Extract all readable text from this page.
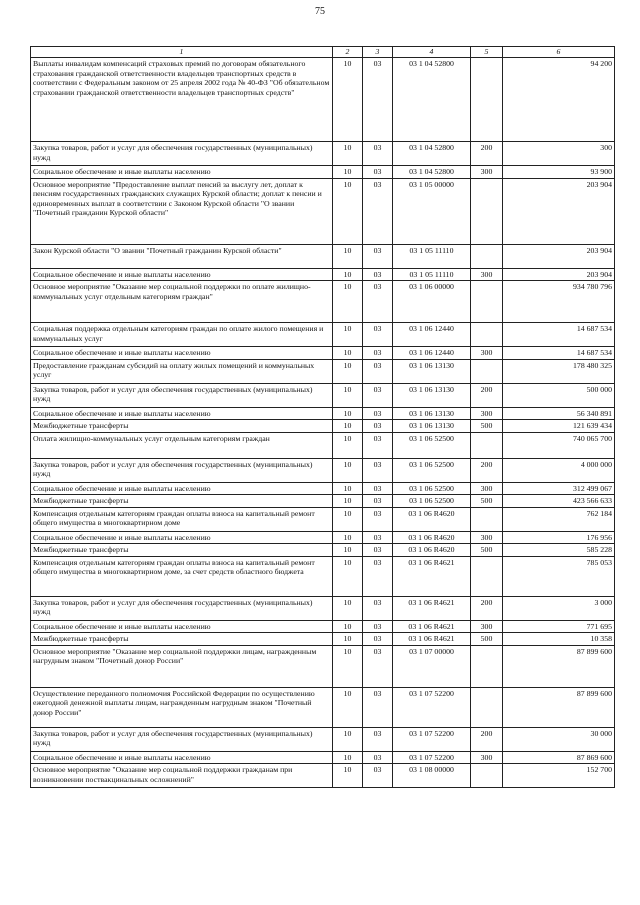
75
1	2	3	4	5	6
Выплаты инвалидам компенсаций страховых премий по договорам обязательного страхования гражданской ответственности владельцев транспортных средств в соответствии с Федеральным законом от 25 апреля 2002 года № 40-ФЗ "Об обязательном страховании гражданской ответственности владельцев транспортных средств"	10	03	03 1 04 52800		94 200
Закупка товаров, работ и услуг для обеспечения государственных (муниципальных) нужд	10	03	03 1 04 52800	200	300
Социальное обеспечение и иные выплаты населению	10	03	03 1 04 52800	300	93 900
Основное мероприятие "Предоставление выплат пенсий за выслугу лет, доплат к пенсиям государственных гражданских служащих Курской области; доплат к пенсии и единовременных выплат в соответствии с Законом Курской области "О звании "Почетный гражданин Курской области"	10	03	03 1 05 00000		203 904
Закон Курской области "О звании "Почетный гражданин Курской области"	10	03	03 1 05 11110		203 904
Социальное обеспечение и иные выплаты населению	10	03	03 1 05 11110	300	203 904
Основное мероприятие "Оказание мер социальной поддержки по оплате жилищно-коммунальных услуг отдельным категориям граждан"	10	03	03 1 06 00000		934 780 796
Социальная поддержка отдельным категориям граждан по оплате жилого помещения и коммунальных услуг	10	03	03 1 06 12440		14 687 534
Социальное обеспечение и иные выплаты населению	10	03	03 1 06 12440	300	14 687 534
Предоставление гражданам субсидий на оплату жилых помещений и коммунальных услуг	10	03	03 1 06 13130		178 480 325
Закупка товаров, работ и услуг для обеспечения государственных (муниципальных) нужд	10	03	03 1 06 13130	200	500 000
Социальное обеспечение и иные выплаты населению	10	03	03 1 06 13130	300	56 340 891
Межбюджетные трансферты	10	03	03 1 06 13130	500	121 639 434
Оплата жилищно-коммунальных услуг отдельным категориям граждан	10	03	03 1 06 52500		740 065 700
Закупка товаров, работ и услуг для обеспечения государственных (муниципальных) нужд	10	03	03 1 06 52500	200	4 000 000
Социальное обеспечение и иные выплаты населению	10	03	03 1 06 52500	300	312 499 067
Межбюджетные трансферты	10	03	03 1 06 52500	500	423 566 633
Компенсация отдельным категориям граждан оплаты взноса на капитальный ремонт общего имущества в многоквартирном доме	10	03	03 1 06 R4620		762 184
Социальное обеспечение и иные выплаты населению	10	03	03 1 06 R4620	300	176 956
Межбюджетные трансферты	10	03	03 1 06 R4620	500	585 228
Компенсация отдельным категориям граждан оплаты взноса на капитальный ремонт общего имущества в многоквартирном доме, за счет средств областного бюджета	10	03	03 1 06 R4621		785 053
Закупка товаров, работ и услуг для обеспечения государственных (муниципальных) нужд	10	03	03 1 06 R4621	200	3 000
Социальное обеспечение и иные выплаты населению	10	03	03 1 06 R4621	300	771 695
Межбюджетные трансферты	10	03	03 1 06 R4621	500	10 358
Основное мероприятие "Оказание мер социальной поддержки лицам, награжденным нагрудным знаком "Почетный донор России"	10	03	03 1 07 00000		87 899 600
Осуществление переданного полномочия Российской Федерации по осуществлению ежегодной денежной выплаты лицам, награжденным нагрудным знаком "Почетный донор России"	10	03	03 1 07 52200		87 899 600
Закупка товаров, работ и услуг для обеспечения государственных (муниципальных) нужд	10	03	03 1 07 52200	200	30 000
Социальное обеспечение и иные выплаты населению	10	03	03 1 07 52200	300	87 869 600
Основное мероприятие "Оказание мер социальной поддержки гражданам при возникновении поствакцинальных осложнений"	10	03	03 1 08 00000		152 700
